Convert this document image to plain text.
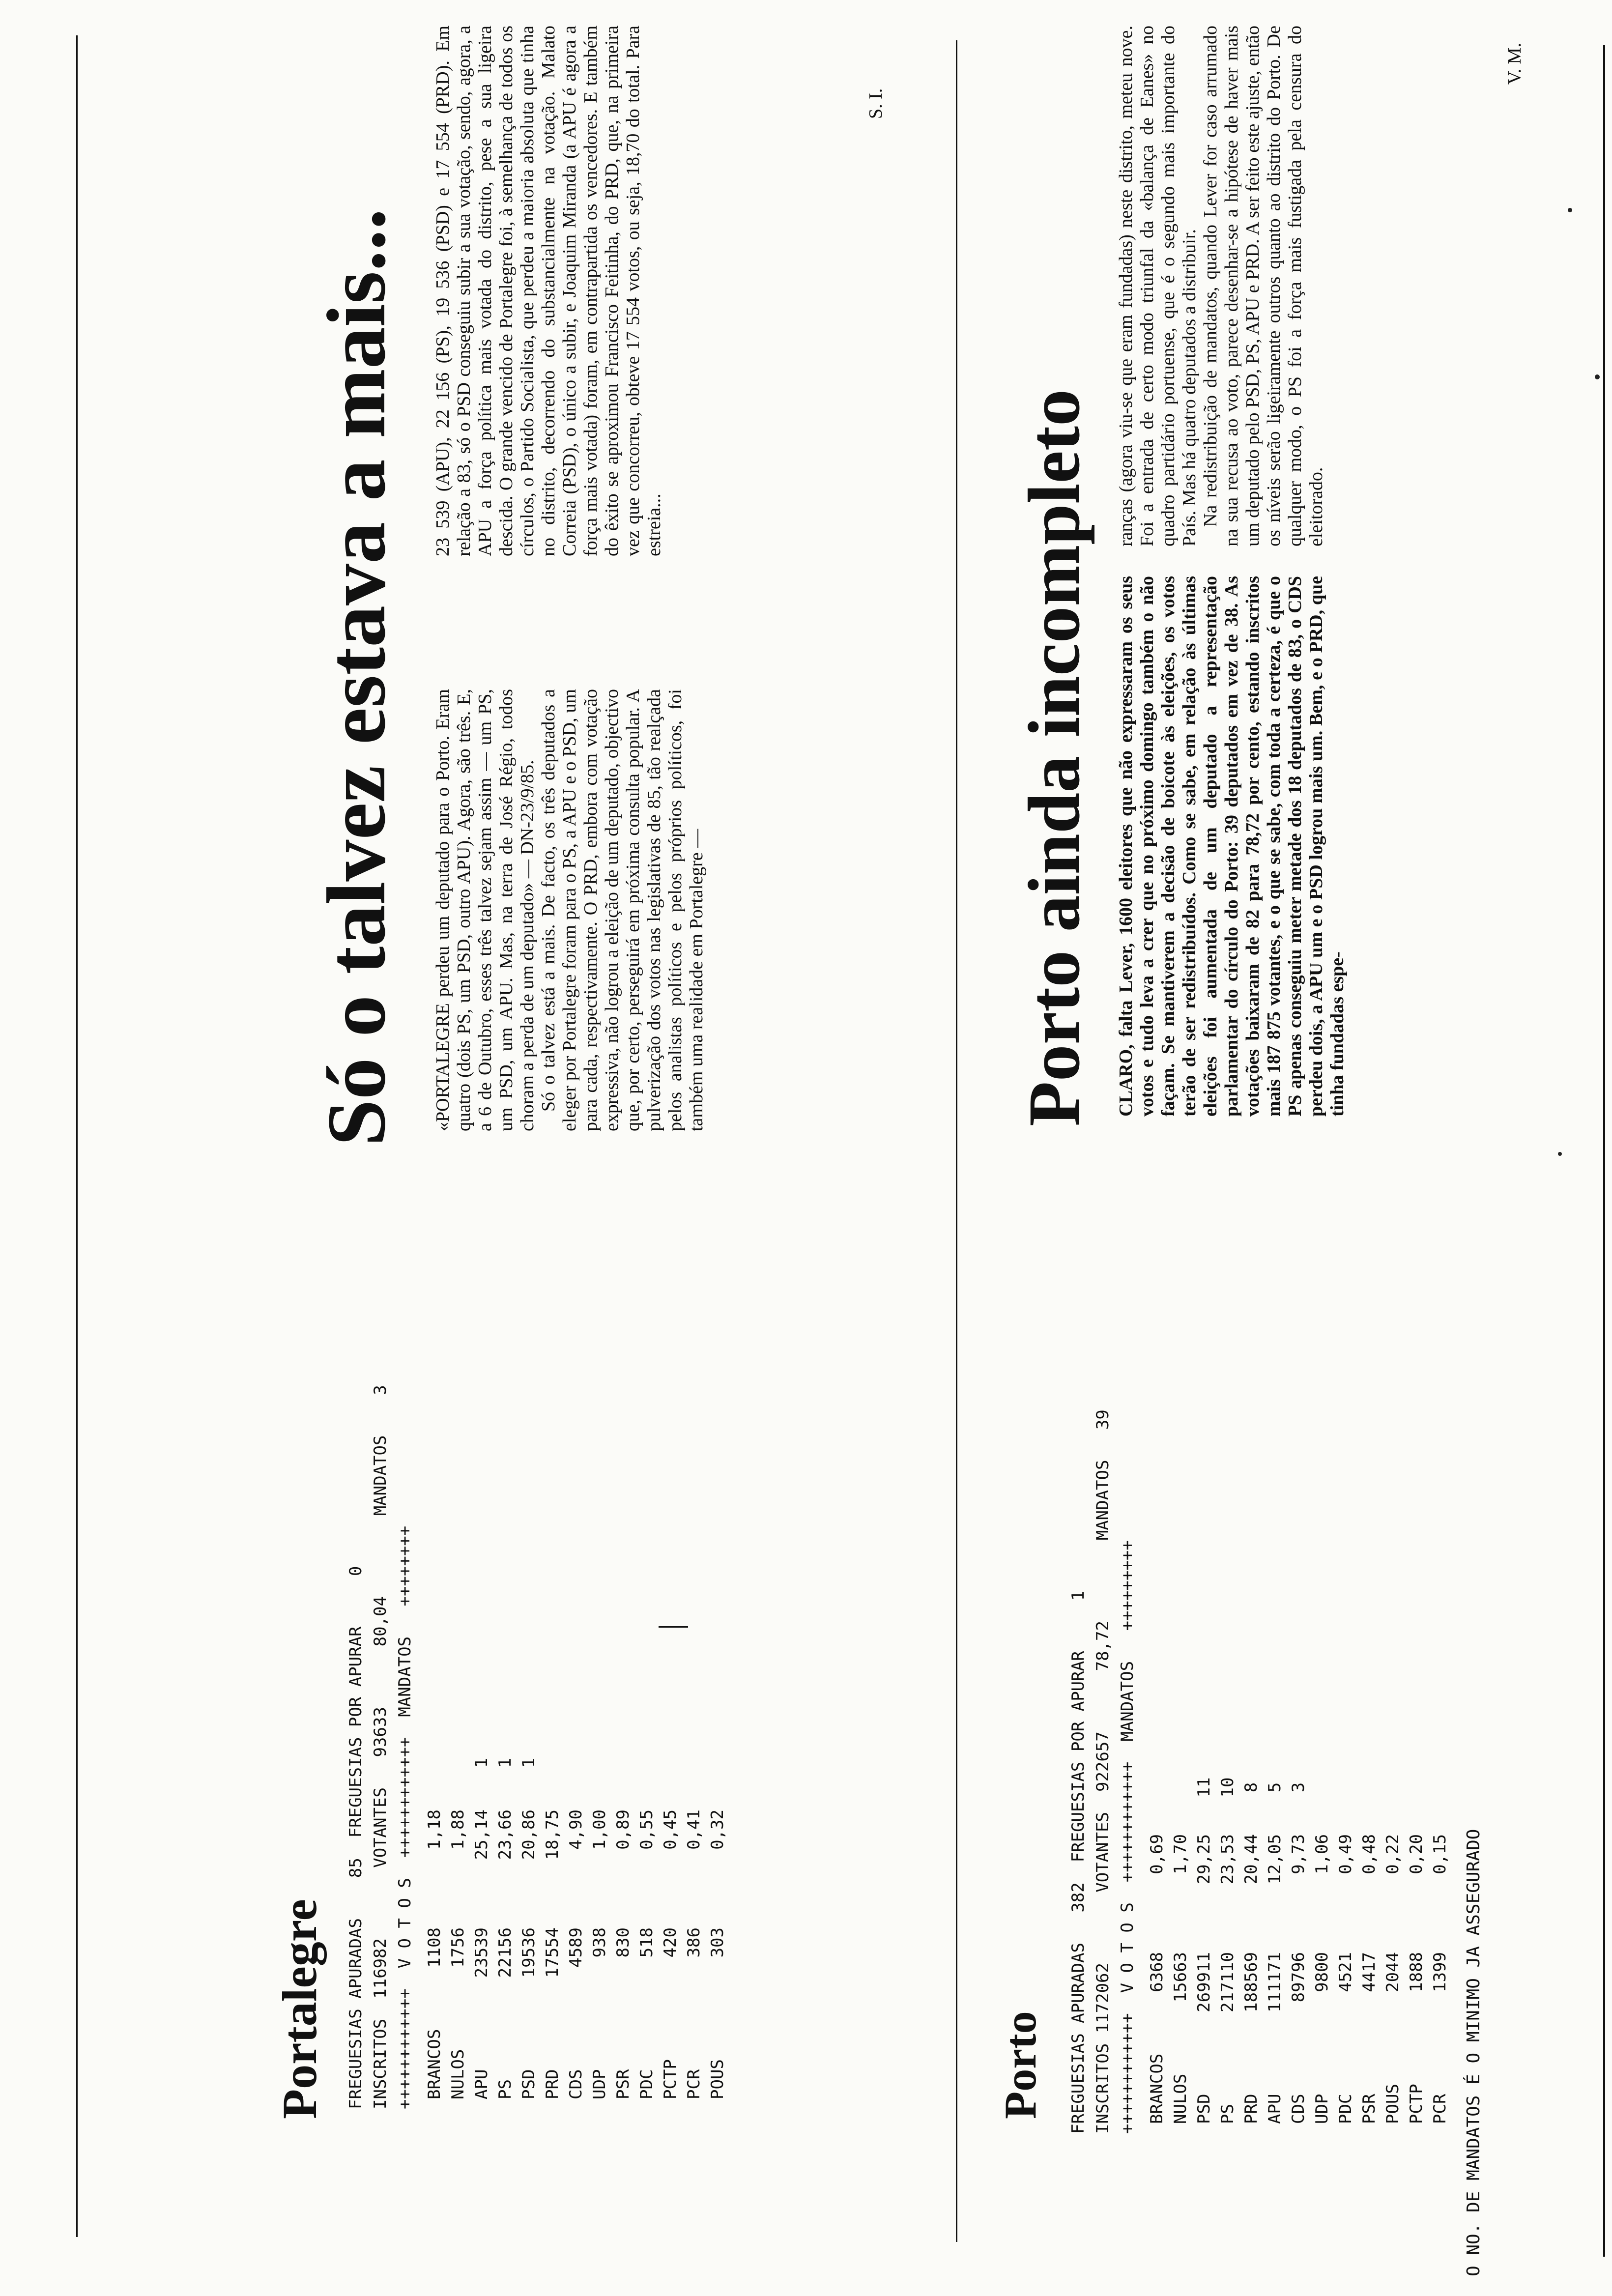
Portalegre FREGUESIAS APURADAS    85  FREGUESIAS POR APURAR     0 INSCRITOS  116982       VOTANTES   93633      80,04        MANDATOS    3 ++++++++++++  V O T O S  ++++++++++++  MANDATOS   ++++++++ BRANCOS
1108
1,18
NULOS
1756
1,88
APU
23539
25,14
1
PS
22156
23,66
1
PSD
19536
20,86
1
PRD
17554
18,75
CDS
4589
4,90
UDP
938
1,00
PSR
830
0,89
PDC
518
0,55
PCTP
420
0,45
PCR
386
0,41
POUS
303
0,32
Porto FREGUESIAS APURADAS   382  FREGUESIAS POR APURAR     1 INSCRITOS 1172062       VOTANTES  922657      78,72        MANDATOS   39 ++++++++++++  V O T O S  ++++++++++++  MANDATOS   +++++++++ BRANCOS
6368
0,69
NULOS
15663
1,70
PSD
269911
29,25
11
PS
217110
23,53
10
PRD
188569
20,44
8
APU
111171
12,05
5
CDS
89796
9,73
3
UDP
9800
1,06
PDC
4521
0,49
PSR
4417
0,48
POUS
2044
0,22
PCTP
1888
0,20
PCR
1399
0,15 O NO. DE MANDATOS É O MINIMO JA ASSEGURADO
Só o talvez estava a mais... «PORTALEGRE perdeu um deputado para o Porto. Eram quatro (dois PS, um PSD, outro APU). Agora, são três. E, a 6 de Outubro, esses três talvez sejam assim — um PS, um PSD, um APU. Mas, na terra de José Régio, todos choram a perda de um deputado» — DN-23/9/85. Só o talvez está a mais. De facto, os três deputados a eleger por Portalegre foram para o PS, a APU e o PSD, um para cada, respectivamente. O PRD, embora com votação expressiva, não logrou a eleição de um deputado, objectivo que, por certo, perseguirá em próxima consulta popular. A pulverização dos votos nas legislativas de 85, tão realçada pelos analistas políticos e pelos próprios políticos, foi também uma realidade em Portalegre —

23 539 (APU), 22 156 (PS), 19 536 (PSD) e 17 554 (PRD). Em relação a 83, só o PSD conseguiu subir a sua votação, sendo, agora, a APU a força política mais votada do distrito, pese a sua ligeira descida. O grande vencido de Portalegre foi, à semelhança de todos os círculos, o Partido Socialista, que perdeu a maioria absoluta que tinha no distrito, decorrendo do substancialmente na votação. Malato Correia (PSD), o único a subir, e Joaquim Miranda (a APU é agora a força mais votada) foram, em contrapartida os vencedores. E também do êxito se aproximou Francisco Feitinha, do PRD, que, na primeira vez que concorreu, obteve 17 554 votos, ou seja, 18,70 do total. Para estreia...

S. I.
Porto ainda incompleto CLARO, falta Lever, 1600 eleitores que não expressaram os seus votos e tudo leva a crer que no próximo domingo também o não façam. Se mantiverem a decisão de boicote às eleições, os votos terão de ser redistribuídos. Como se sabe, em relação às últimas eleições foi aumentada de um deputado a representação parlamentar do círculo do Porto: 39 deputados em vez de 38. As votações baixaram de 82 para 78,72 por cento, estando inscritos mais 187 875 votantes, e o que se sabe, com toda a certeza, é que o PS apenas conseguiu meter metade dos 18 deputados de 83, o CDS perdeu dois, a APU um e o PSD logrou mais um. Bem, e o PRD, que tinha fundadas espe-

ranças (agora viu-se que eram fundadas) neste distrito, meteu nove. Foi a entrada de certo modo triunfal da «balança de Eanes» no quadro partidário portuense, que é o segundo mais importante do País. Mas há quatro deputados a distribuir. Na redistribuição de mandatos, quando Lever for caso arrumado na sua recusa ao voto, parece desenhar-se a hipótese de haver mais um deputado pelo PSD, PS, APU e PRD. A ser feito este ajuste, então os níveis serão ligeiramente outros quanto ao distrito do Porto. De qualquer modo, o PS foi a força mais fustigada pela censura do eleitorado.

V. M.
